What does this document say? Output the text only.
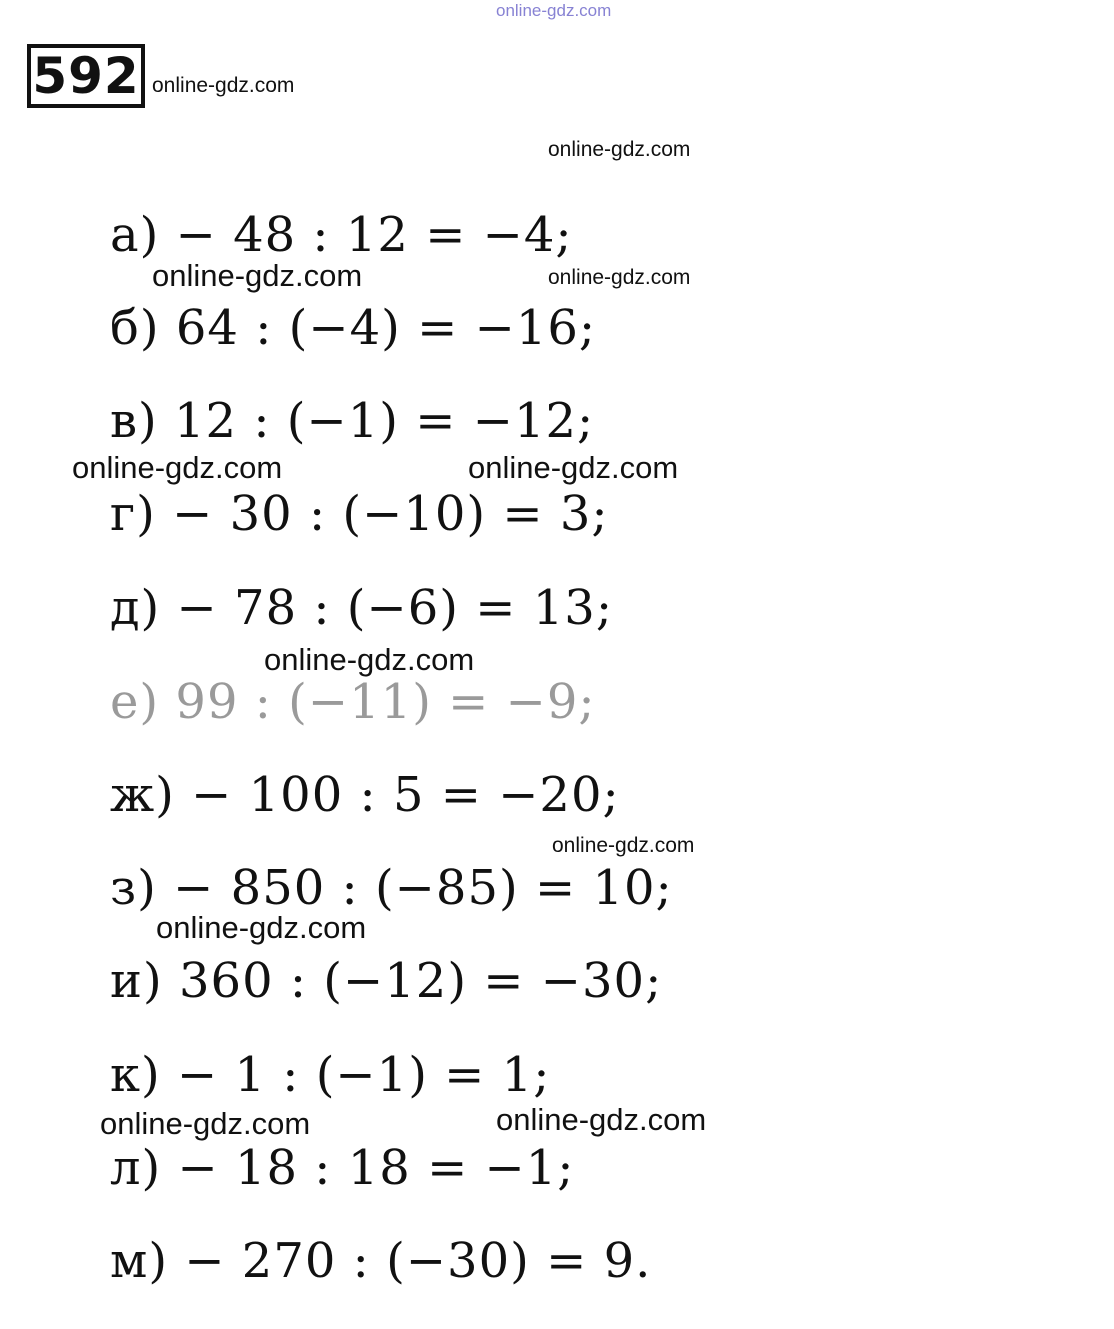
online-gdz.com
592 online-gdz.com
online-gdz.com
online-gdz.com	online-gdz.com
online-gdz.com	online-gdz.com
online-gdz.com
online-gdz.com
online-gdz.com
online-gdz.com	online-gdz.com
а) − 48 : 12 = −4;
б) 64 : (−4) = −16;
в) 12 : (−1) = −12;
г) − 30 : (−10) = 3;
д) − 78 : (−6) = 13;
е) 99 : (−11) = −9;
ж) − 100 : 5 = −20;
з) − 850 : (−85) = 10;
и) 360 : (−12) = −30;
к) − 1 : (−1) = 1;
л) − 18 : 18 = −1;
м) − 270 : (−30) = 9.
